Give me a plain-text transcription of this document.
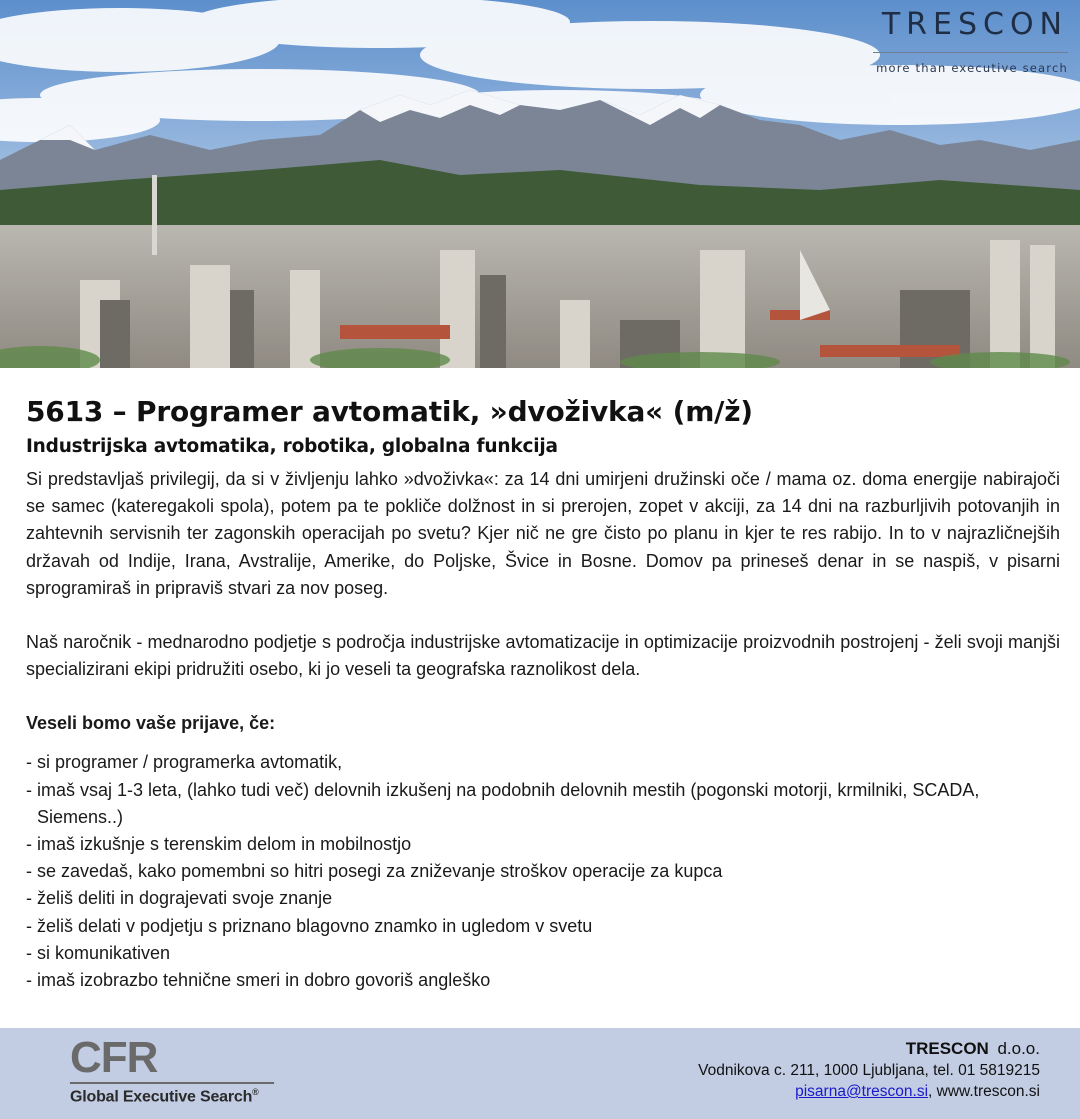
TRESCON
more than executive search
5613 – Programer avtomatik, »dvoživka« (m/ž)
Industrijska avtomatika, robotika, globalna funkcija

Si predstavljaš privilegij, da si v življenju lahko »dvoživka«: za 14 dni umirjeni družinski oče / mama oz. doma energije nabirajoči se samec (kateregakoli spola), potem pa te pokliče dolžnost in si prerojen, zopet v akciji, za 14 dni na razburljivih potovanjih in zahtevnih servisnih ter zagonskih operacijah po svetu? Kjer nič ne gre čisto po planu in kjer te res rabijo. In to v najrazličnejših državah od Indije, Irana, Avstralije, Amerike, do Poljske, Švice in Bosne. Domov pa prineseš denar in se naspiš, v pisarni sprogramiraš in pripraviš stvari za nov poseg.

Naš naročnik - mednarodno podjetje s področja industrijske avtomatizacije in optimizacije proizvodnih postrojenj - želi svoji manjši specializirani ekipi pridružiti osebo, ki jo veseli ta geografska raznolikost dela.

Veseli bomo vaše prijave, če:

- si programer / programerka avtomatik,
- imaš vsaj 1-3 leta, (lahko tudi več) delovnih izkušenj na podobnih delovnih mestih (pogonski motorji, krmilniki, SCADA, Siemens..)
- imaš izkušnje s terenskim delom in mobilnostjo
- se zavedaš, kako pomembni so hitri posegi za zniževanje stroškov operacije za kupca
- želiš deliti in dograjevati svoje znanje
- želiš delati v podjetju s priznano blagovno znamko in ugledom v svetu
- si komunikativen
- imaš izobrazbo tehnične smeri in dobro govoriš angleško
CFR
Global Executive Search®
TRESCON d.o.o.
Vodnikova c. 211, 1000 Ljubljana, tel. 01 5819215
pisarna@trescon.si, www.trescon.si
